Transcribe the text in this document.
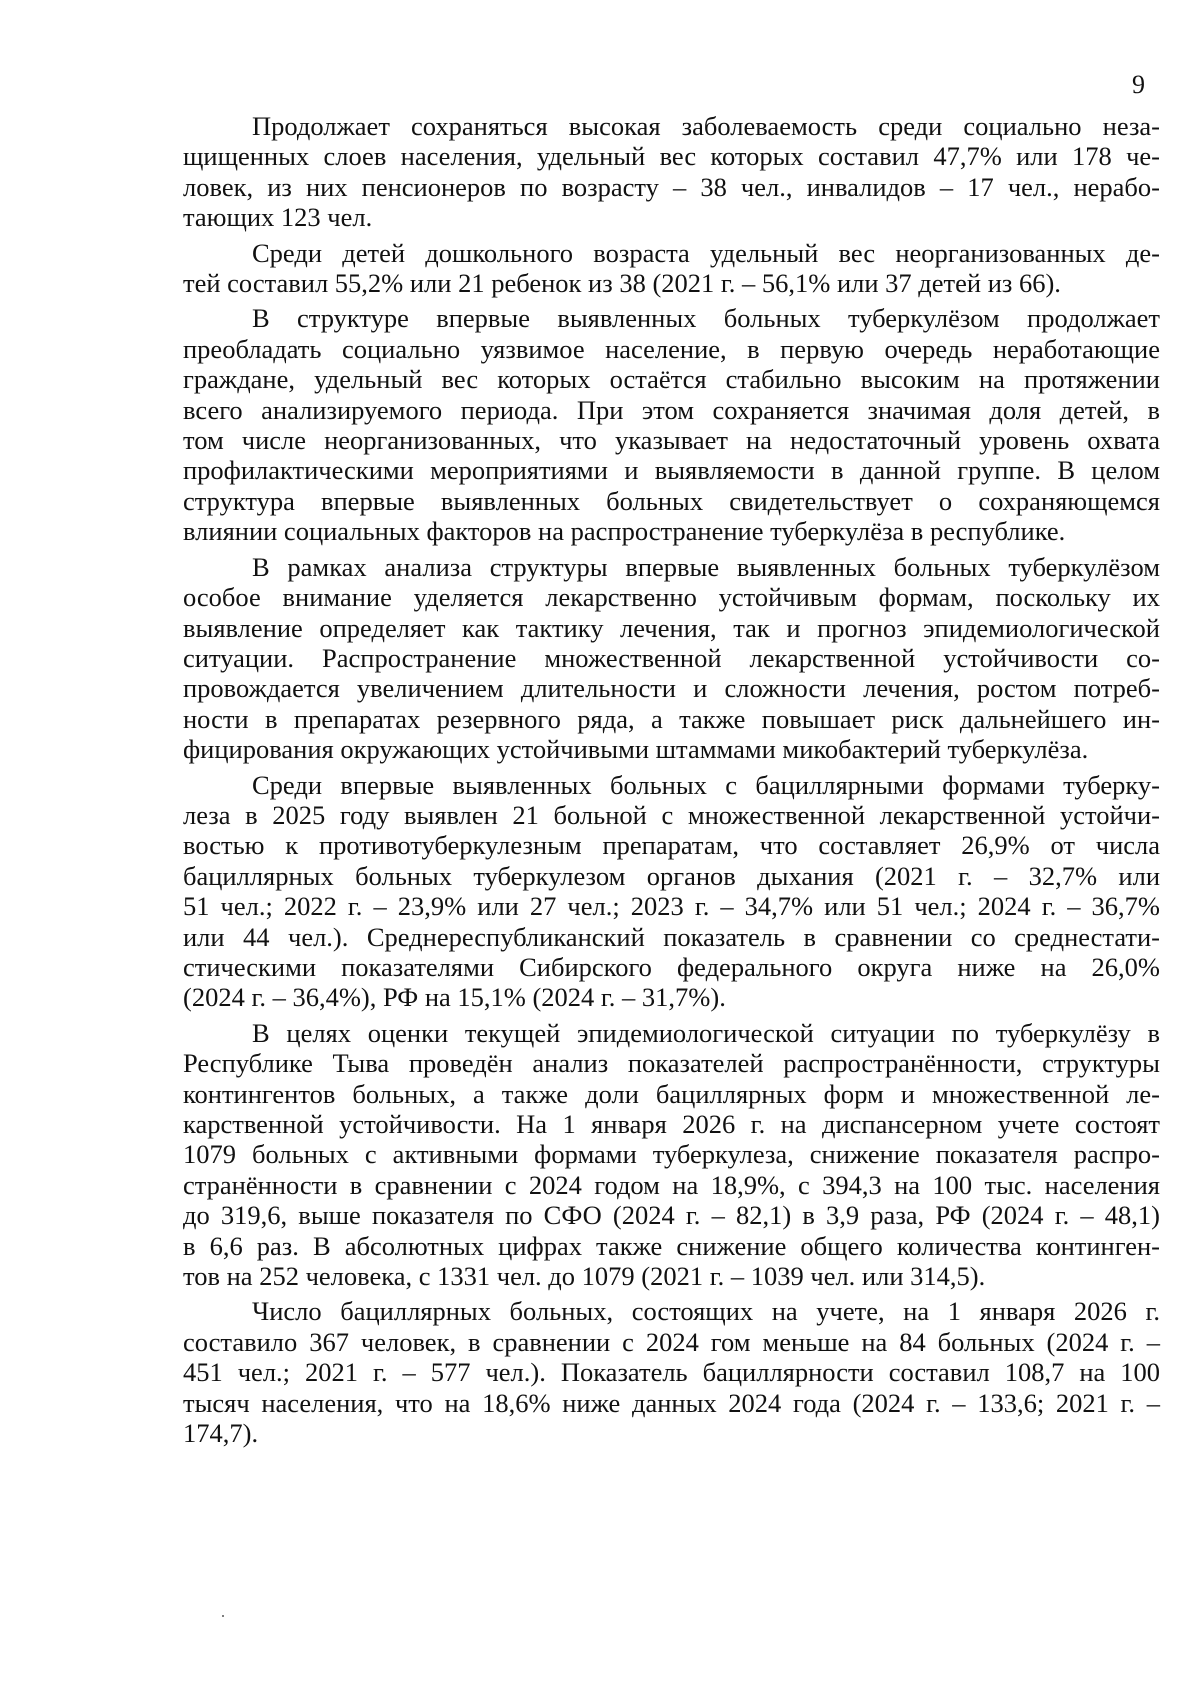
9

Продолжает сохраняться высокая заболеваемость среди социально неза-
щищенных слоев населения, удельный вес которых составил 47,7% или 178 че-
ловек, из них пенсионеров по возрасту – 38 чел., инвалидов – 17 чел., нерабо-
тающих 123 чел.

Среди детей дошкольного возраста удельный вес неорганизованных де-
тей составил 55,2% или 21 ребенок из 38 (2021 г. – 56,1% или 37 детей из 66).

В структуре впервые выявленных больных туберкулёзом продолжает
преобладать социально уязвимое население, в первую очередь неработающие
граждане, удельный вес которых остаётся стабильно высоким на протяжении
всего анализируемого периода. При этом сохраняется значимая доля детей, в
том числе неорганизованных, что указывает на недостаточный уровень охвата
профилактическими мероприятиями и выявляемости в данной группе. В целом
структура впервые выявленных больных свидетельствует о сохраняющемся
влиянии социальных факторов на распространение туберкулёза в республике.

В рамках анализа структуры впервые выявленных больных туберкулёзом
особое внимание уделяется лекарственно устойчивым формам, поскольку их
выявление определяет как тактику лечения, так и прогноз эпидемиологической
ситуации. Распространение множественной лекарственной устойчивости со-
провождается увеличением длительности и сложности лечения, ростом потреб-
ности в препаратах резервного ряда, а также повышает риск дальнейшего ин-
фицирования окружающих устойчивыми штаммами микобактерий туберкулёза.

Среди впервые выявленных больных с бациллярными формами туберку-
леза в 2025 году выявлен 21 больной с множественной лекарственной устойчи-
востью к противотуберкулезным препаратам, что составляет 26,9% от числа
бациллярных больных туберкулезом органов дыхания (2021 г. – 32,7% или
51 чел.; 2022 г. – 23,9% или 27 чел.; 2023 г. – 34,7% или 51 чел.; 2024 г. – 36,7%
или 44 чел.). Среднереспубликанский показатель в сравнении со среднестати-
стическими показателями Сибирского федерального округа ниже на 26,0%
(2024 г. – 36,4%), РФ на 15,1% (2024 г. – 31,7%).

В целях оценки текущей эпидемиологической ситуации по туберкулёзу в
Республике Тыва проведён анализ показателей распространённости, структуры
контингентов больных, а также доли бациллярных форм и множественной ле-
карственной устойчивости. На 1 января 2026 г. на диспансерном учете состоят
1079 больных с активными формами туберкулеза, снижение показателя распро-
странённости в сравнении с 2024 годом на 18,9%, с 394,3 на 100 тыс. населения
до 319,6, выше показателя по СФО (2024 г. – 82,1) в 3,9 раза, РФ (2024 г. – 48,1)
в 6,6 раз. В абсолютных цифрах также снижение общего количества континген-
тов на 252 человека, с 1331 чел. до 1079 (2021 г. – 1039 чел. или 314,5).

Число бациллярных больных, состоящих на учете, на 1 января 2026 г.
составило 367 человек, в сравнении с 2024 гом меньше на 84 больных (2024 г. –
451 чел.; 2021 г. – 577 чел.). Показатель бациллярности составил 108,7 на 100
тысяч населения, что на 18,6% ниже данных 2024 года (2024 г. – 133,6; 2021 г. –
174,7).
